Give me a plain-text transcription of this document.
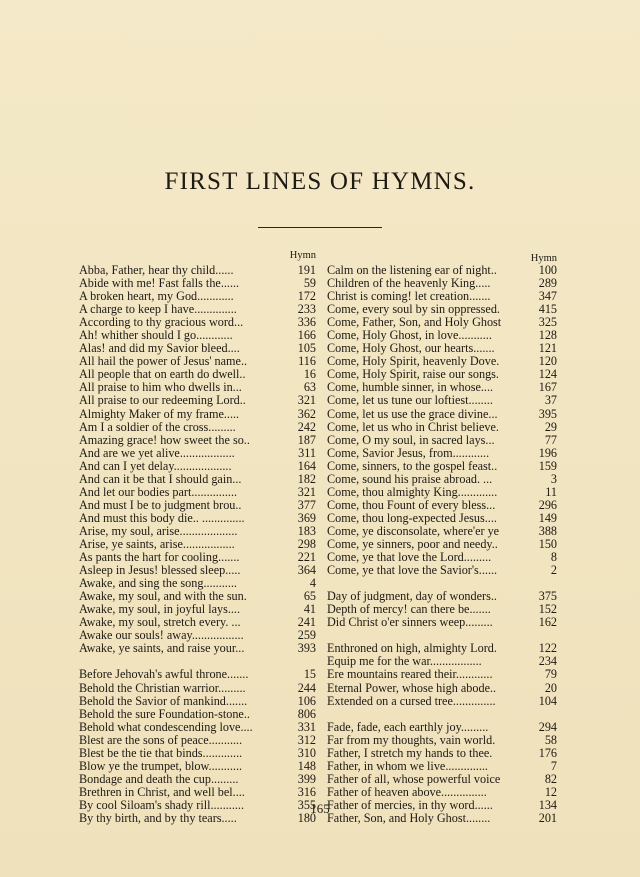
FIRST LINES OF HYMNS.
Hymn
Abba, Father, hear thy child......	191
Abide with me! Fast falls the......	59
A broken heart, my God............	172
A charge to keep I have..............	233
According to thy gracious word...	336
Ah! whither should I go............	166
Alas! and did my Savior bleed....	105
All hail the power of Jesus' name..	116
All people that on earth do dwell..	16
All praise to him who dwells in...	63
All praise to our redeeming Lord..	321
Almighty Maker of my frame.....	362
Am I a soldier of the cross.........	242
Amazing grace! how sweet the so..	187
And are we yet alive..................	311
And can I yet delay...................	164
And can it be that I should gain...	182
And let our bodies part...............	321
And must I be to judgment brou..	377
And must this body die.. ..............	369
Arise, my soul, arise...................	183
Arise, ye saints, arise.................	298
As pants the hart for cooling.......	221
Asleep in Jesus! blessed sleep.....	364
Awake, and sing the song...........	4
Awake, my soul, and with the sun.	65
Awake, my soul, in joyful lays....	41
Awake, my soul, stretch every. ...	241
Awake our souls! away.................	259
Awake, ye saints, and raise your...	393
Before Jehovah's awful throne.......	15
Behold the Christian warrior.........	244
Behold the Savior of mankind.......	106
Behold the sure Foundation-stone..	806
Behold what condescending love....	331
Blest are the sons of peace...........	312
Blest be the tie that binds.............	310
Blow ye the trumpet, blow...........	148
Bondage and death the cup.........	399
Brethren in Christ, and well bel....	316
By cool Siloam's shady rill...........	355
By thy birth, and by thy tears.....	180
Hymn
Calm on the listening ear of night..	100
Children of the heavenly King.....	289
Christ is coming! let creation.......	347
Come, every soul by sin oppressed.	415
Come, Father, Son, and Holy Ghost	325
Come, Holy Ghost, in love...........	128
Come, Holy Ghost, our hearts.......	121
Come, Holy Spirit, heavenly Dove.	120
Come, Holy Spirit, raise our songs.	124
Come, humble sinner, in whose....	167
Come, let us tune our loftiest........	37
Come, let us use the grace divine...	395
Come, let us who in Christ believe.	29
Come, O my soul, in sacred lays...	77
Come, Savior Jesus, from............	196
Come, sinners, to the gospel feast..	159
Come, sound his praise abroad. ...	3
Come, thou almighty King.............	11
Come, thou Fount of every bless...	296
Come, thou long-expected Jesus....	149
Come, ye disconsolate, where'er ye	388
Come, ye sinners, poor and needy..	150
Come, ye that love the Lord.........	8
Come, ye that love the Savior's......	2
Day of judgment, day of wonders..	375
Depth of mercy! can there be.......	152
Did Christ o'er sinners weep.........	162
Enthroned on high, almighty Lord.	122
Equip me for the war.................	234
Ere mountains reared their............	79
Eternal Power, whose high abode..	20
Extended on a cursed tree..............	104
Fade, fade, each earthly joy.........	294
Far from my thoughts, vain world.	58
Father, I stretch my hands to thee.	176
Father, in whom we live..............	7
Father of all, whose powerful voice	82
Father of heaven above...............	12
Father of mercies, in thy word......	134
Father, Son, and Holy Ghost........	201
165
